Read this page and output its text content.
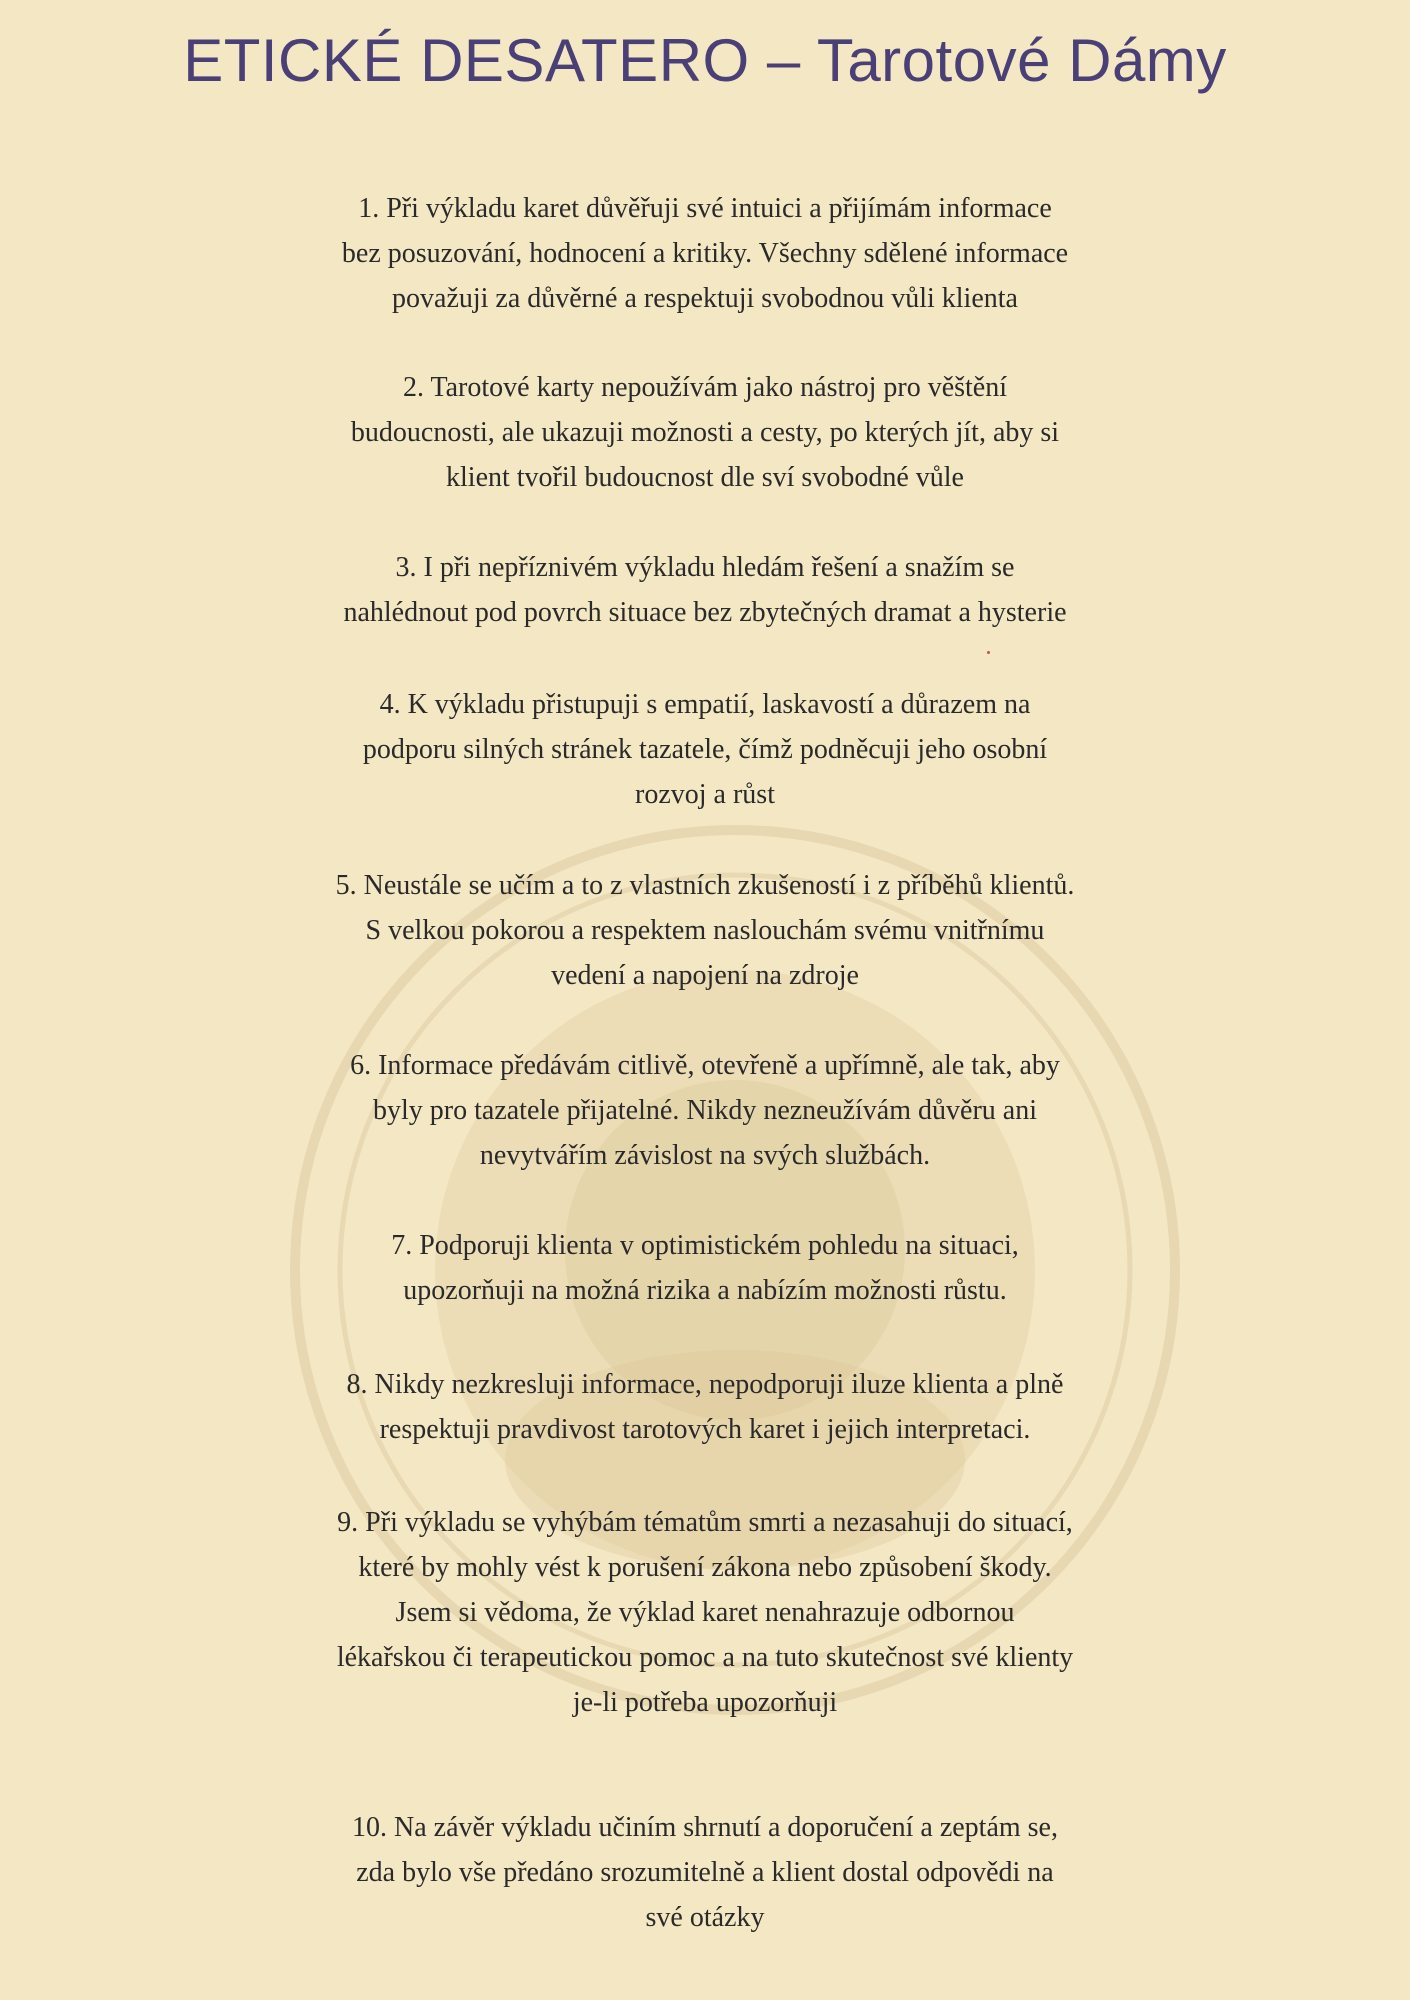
ETICKÉ DESATERO – Tarotové Dámy
1. Při výkladu karet důvěřuji své intuici a přijímám informace
bez posuzování, hodnocení a kritiky. Všechny sdělené informace
považuji za důvěrné a respektuji svobodnou vůli klienta
2. Tarotové karty nepoužívám jako nástroj pro věštění
budoucnosti, ale ukazuji možnosti a cesty, po kterých jít, aby si
klient tvořil budoucnost dle sví svobodné vůle
3. I při nepříznivém výkladu hledám řešení a snažím se
nahlédnout pod povrch situace bez zbytečných dramat a hysterie
4. K výkladu přistupuji s empatií, laskavostí a důrazem na
podporu silných stránek tazatele, čímž podněcuji jeho osobní
rozvoj a růst
5. Neustále se učím a to z vlastních zkušeností i z příběhů klientů.
S velkou pokorou a respektem naslouchám svému vnitřnímu
vedení a napojení na zdroje
6. Informace předávám citlivě, otevřeně a upřímně, ale tak, aby
byly pro tazatele přijatelné. Nikdy nezneužívám důvěru ani
nevytvářím závislost na svých službách.
7. Podporuji klienta v optimistickém pohledu na situaci,
upozorňuji na možná rizika a nabízím možnosti růstu.
8. Nikdy nezkresluji informace, nepodporuji iluze klienta a plně
respektuji pravdivost tarotových karet i jejich interpretaci.
9. Při výkladu se vyhýbám tématům smrti a nezasahuji do situací,
které by mohly vést k porušení zákona nebo způsobení škody.
Jsem si vědoma, že výklad karet nenahrazuje odbornou
lékařskou či terapeutickou pomoc a na tuto skutečnost své klienty
je-li potřeba upozorňuji
10. Na závěr výkladu učiním shrnutí a doporučení a zeptám se,
zda bylo vše předáno srozumitelně a klient dostal odpovědi na
své otázky
